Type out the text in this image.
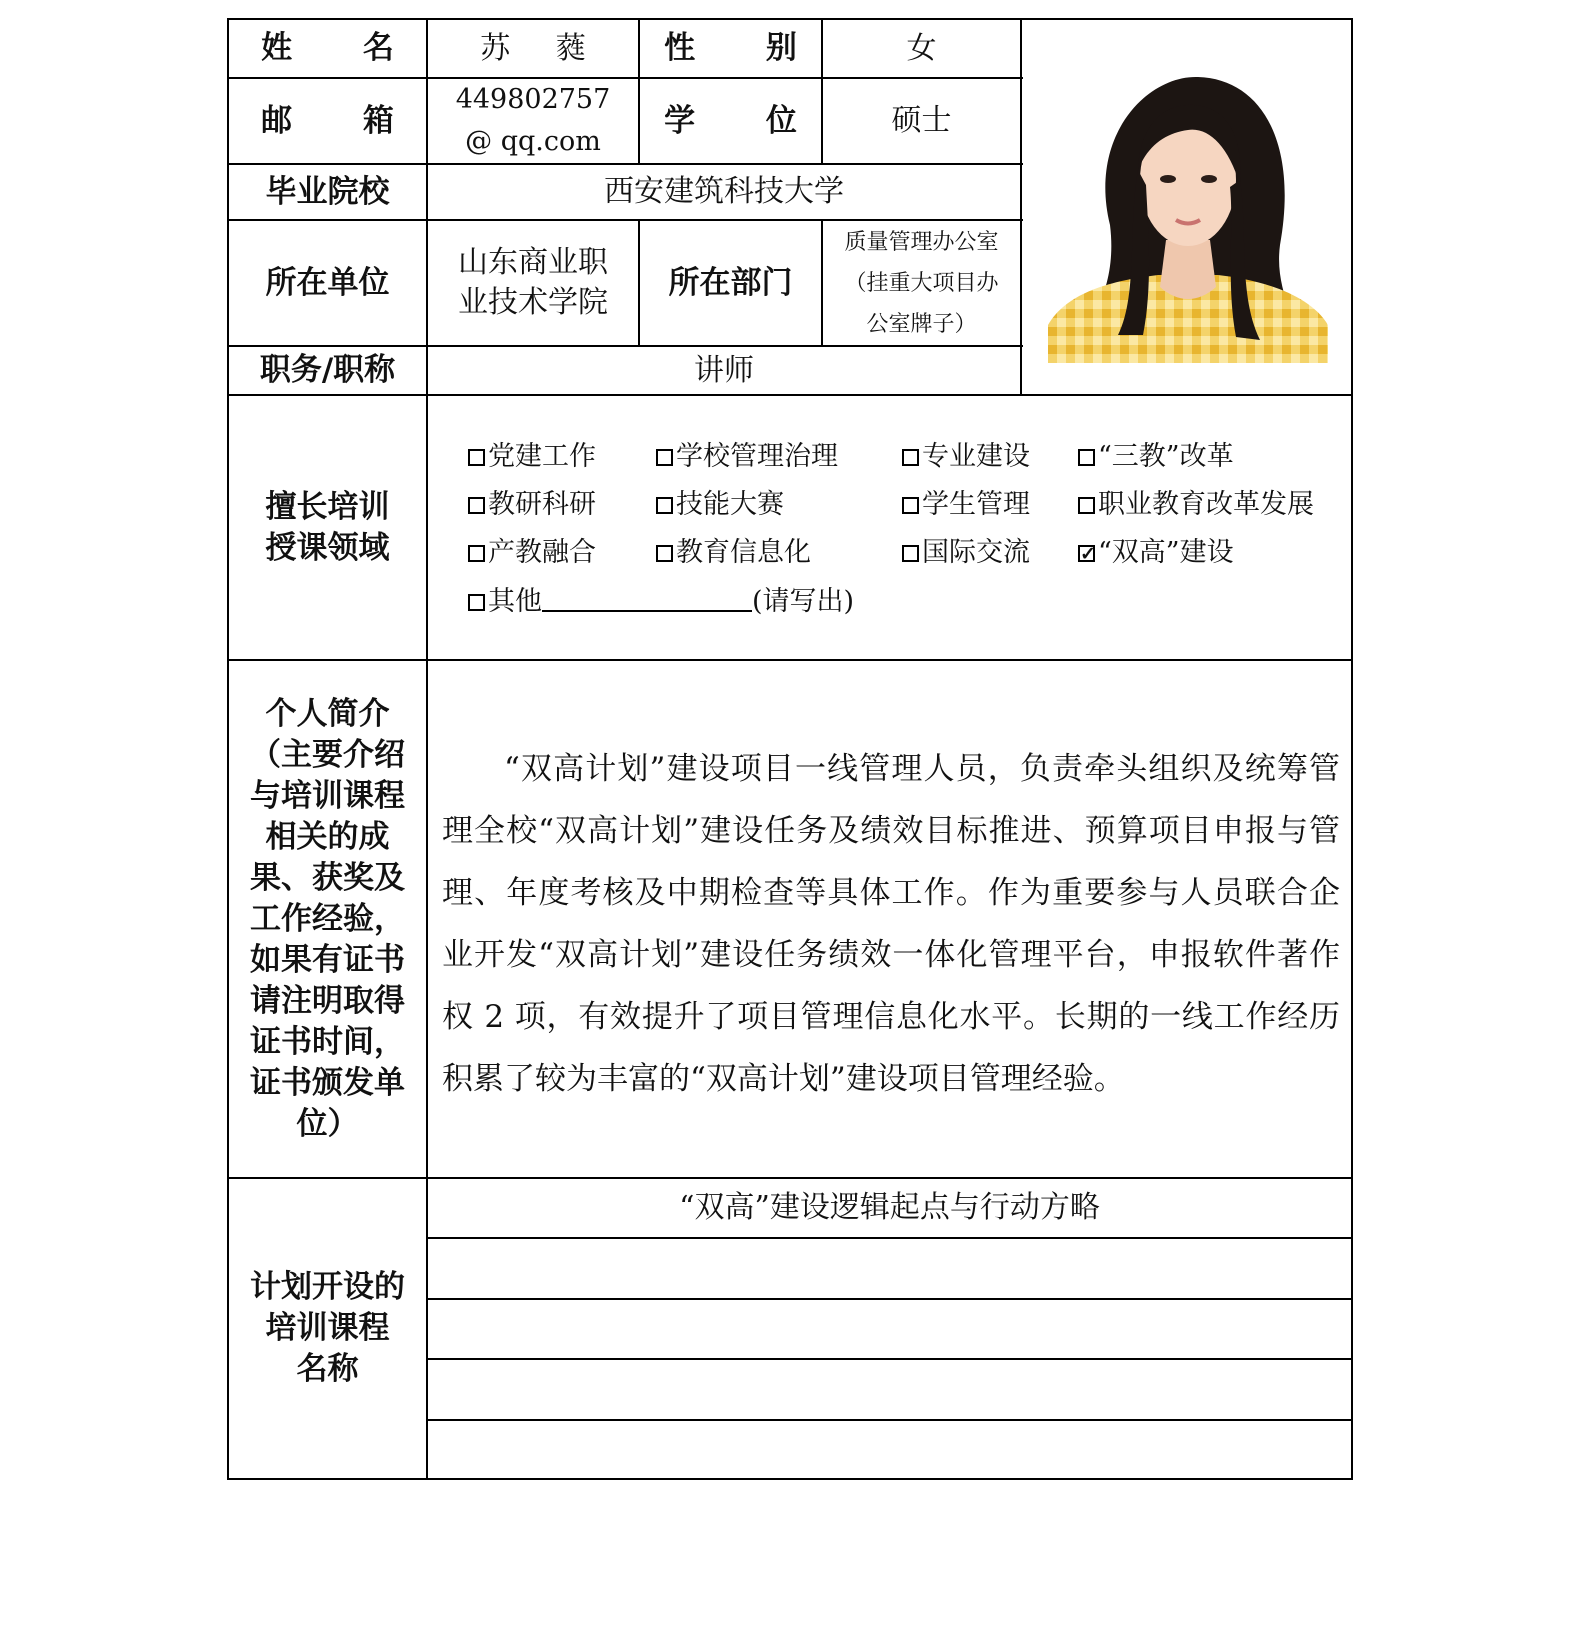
姓 名 苏 蕤 性 别	女
邮 箱
449802757
@ qq.com
学 位 硕士
毕业院校	西安建筑科技大学
所在单位
山东商业职
业技术学院
所在部门
质量管理办公室
（挂重大项目办
公室牌子）
职务/职称	讲师
擅长培训
授课领域
党建工作	学校管理治理	专业建设	“三教”改革
教研科研	技能大赛	学生管理	职业教育改革发展
产教融合	教育信息化	国际交流
✓	“双高”建设
其他	(请写出)
个人简介
（主要介绍
与培训课程
相关的成
果、获奖及
工作经验，
如果有证书
请注明取得
证书时间，
证书颁发单
位）
“双高计划”建设项目一线管理人员，负责牵头组织及统筹管理全校“双高计划”建设任务及绩效目标推进、预算项目申报与管理、年度考核及中期检查等具体工作。作为重要参与人员联合企业开发“双高计划”建设任务绩效一体化管理平台，申报软件著作权 2 项，有效提升了项目管理信息化水平。长期的一线工作经历积累了较为丰富的“双高计划”建设项目管理经验。
计划开设的
培训课程
名称
“双高”建设逻辑起点与行动方略
